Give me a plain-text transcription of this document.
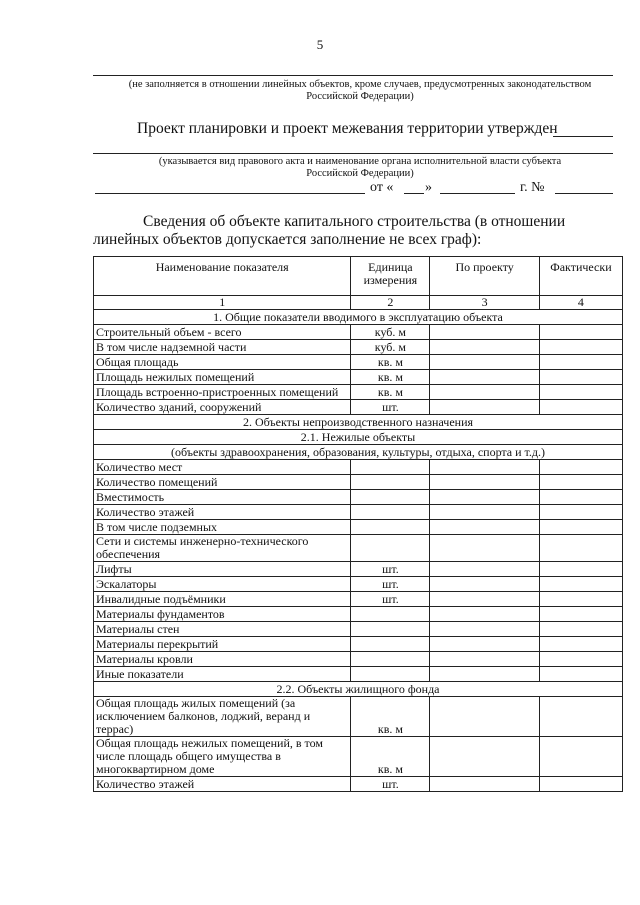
5
(не заполняется в отношении линейных объектов, кроме случаев, предусмотренных законодательством Российской Федерации)
Проект планировки и проект межевания территории утвержден
(указывается вид правового акта и наименование органа исполнительной власти субъекта Российской Федерации)
от « »	г. №
Сведения об объекте капитального строительства (в отношении линейных объектов допускается заполнение не всех граф):
Наименование показателя	Единица измерения	По проекту	Фактически
1	2	3	4
1. Общие показатели вводимого в эксплуатацию объекта			
Строительный объем - всего	куб. м		
В том числе надземной части	куб. м		
Общая площадь	кв. м		
Площадь нежилых помещений	кв. м		
Площадь встроенно-пристроенных помещений	кв. м		
Количество зданий, сооружений	шт.		
2. Объекты непроизводственного назначения			
2.1. Нежилые объекты			
(объекты здравоохранения, образования, культуры, отдыха, спорта и т.д.)			
Количество мест			
Количество помещений			
Вместимость			
Количество этажей			
В том числе подземных			
Сети и системы инженерно-технического обеспечения			
Лифты	шт.		
Эскалаторы	шт.		
Инвалидные подъёмники	шт.		
Материалы фундаментов			
Материалы стен			
Материалы перекрытий			
Материалы кровли			
Иные показатели			
2.2. Объекты жилищного фонда			
Общая площадь жилых помещений (за исключением балконов, лоджий, веранд и террас)	кв. м		
Общая площадь нежилых помещений, в том числе площадь общего имущества в многоквартирном доме	кв. м		
Количество этажей	шт.		
